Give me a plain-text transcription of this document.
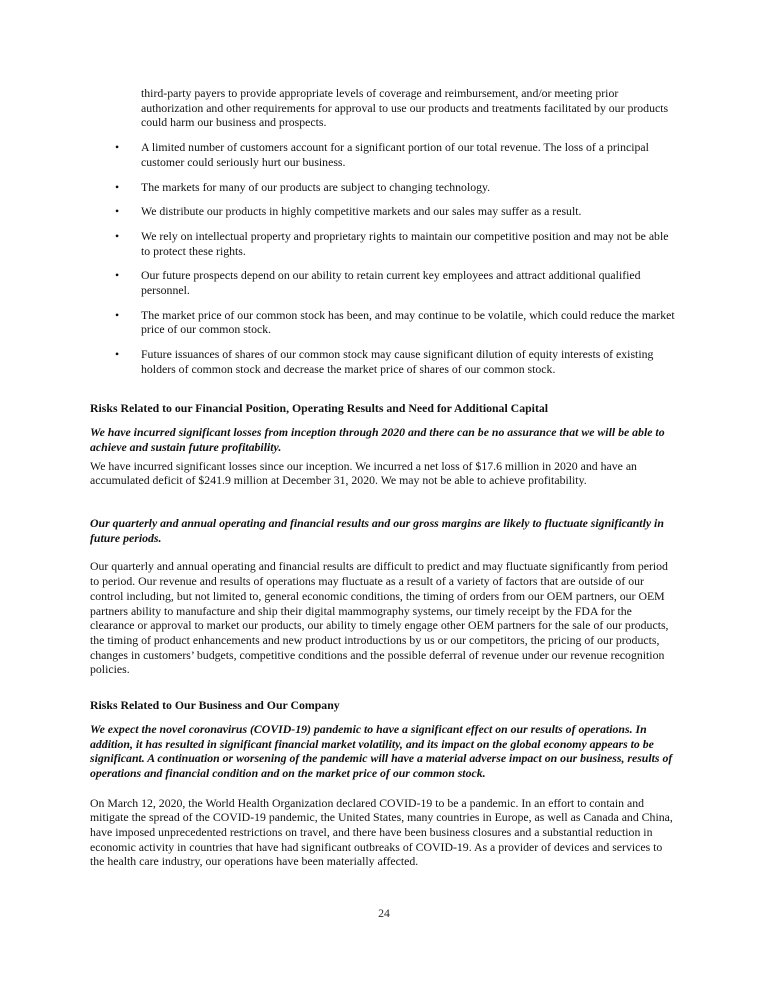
third-party payers to provide appropriate levels of coverage and reimbursement, and/or meeting prior authorization and other requirements for approval to use our products and treatments facilitated by our products could harm our business and prospects.

• A limited number of customers account for a significant portion of our total revenue. The loss of a principal customer could seriously hurt our business.
• The markets for many of our products are subject to changing technology.
• We distribute our products in highly competitive markets and our sales may suffer as a result.
• We rely on intellectual property and proprietary rights to maintain our competitive position and may not be able to protect these rights.
• Our future prospects depend on our ability to retain current key employees and attract additional qualified personnel.
• The market price of our common stock has been, and may continue to be volatile, which could reduce the market price of our common stock.
• Future issuances of shares of our common stock may cause significant dilution of equity interests of existing holders of common stock and decrease the market price of shares of our common stock.
Risks Related to our Financial Position, Operating Results and Need for Additional Capital

We have incurred significant losses from inception through 2020 and there can be no assurance that we will be able to achieve and sustain future profitability.

We have incurred significant losses since our inception. We incurred a net loss of $17.6 million in 2020 and have an accumulated deficit of $241.9 million at December 31, 2020. We may not be able to achieve profitability.

Our quarterly and annual operating and financial results and our gross margins are likely to fluctuate significantly in future periods.

Our quarterly and annual operating and financial results are difficult to predict and may fluctuate significantly from period to period. Our revenue and results of operations may fluctuate as a result of a variety of factors that are outside of our control including, but not limited to, general economic conditions, the timing of orders from our OEM partners, our OEM partners ability to manufacture and ship their digital mammography systems, our timely receipt by the FDA for the clearance or approval to market our products, our ability to timely engage other OEM partners for the sale of our products, the timing of product enhancements and new product introductions by us or our competitors, the pricing of our products, changes in customers’ budgets, competitive conditions and the possible deferral of revenue under our revenue recognition policies.

Risks Related to Our Business and Our Company

We expect the novel coronavirus (COVID-19) pandemic to have a significant effect on our results of operations. In addition, it has resulted in significant financial market volatility, and its impact on the global economy appears to be significant. A continuation or worsening of the pandemic will have a material adverse impact on our business, results of operations and financial condition and on the market price of our common stock.

On March 12, 2020, the World Health Organization declared COVID-19 to be a pandemic. In an effort to contain and mitigate the spread of the COVID-19 pandemic, the United States, many countries in Europe, as well as Canada and China, have imposed unprecedented restrictions on travel, and there have been business closures and a substantial reduction in economic activity in countries that have had significant outbreaks of COVID-19. As a provider of devices and services to the health care industry, our operations have been materially affected.

24
